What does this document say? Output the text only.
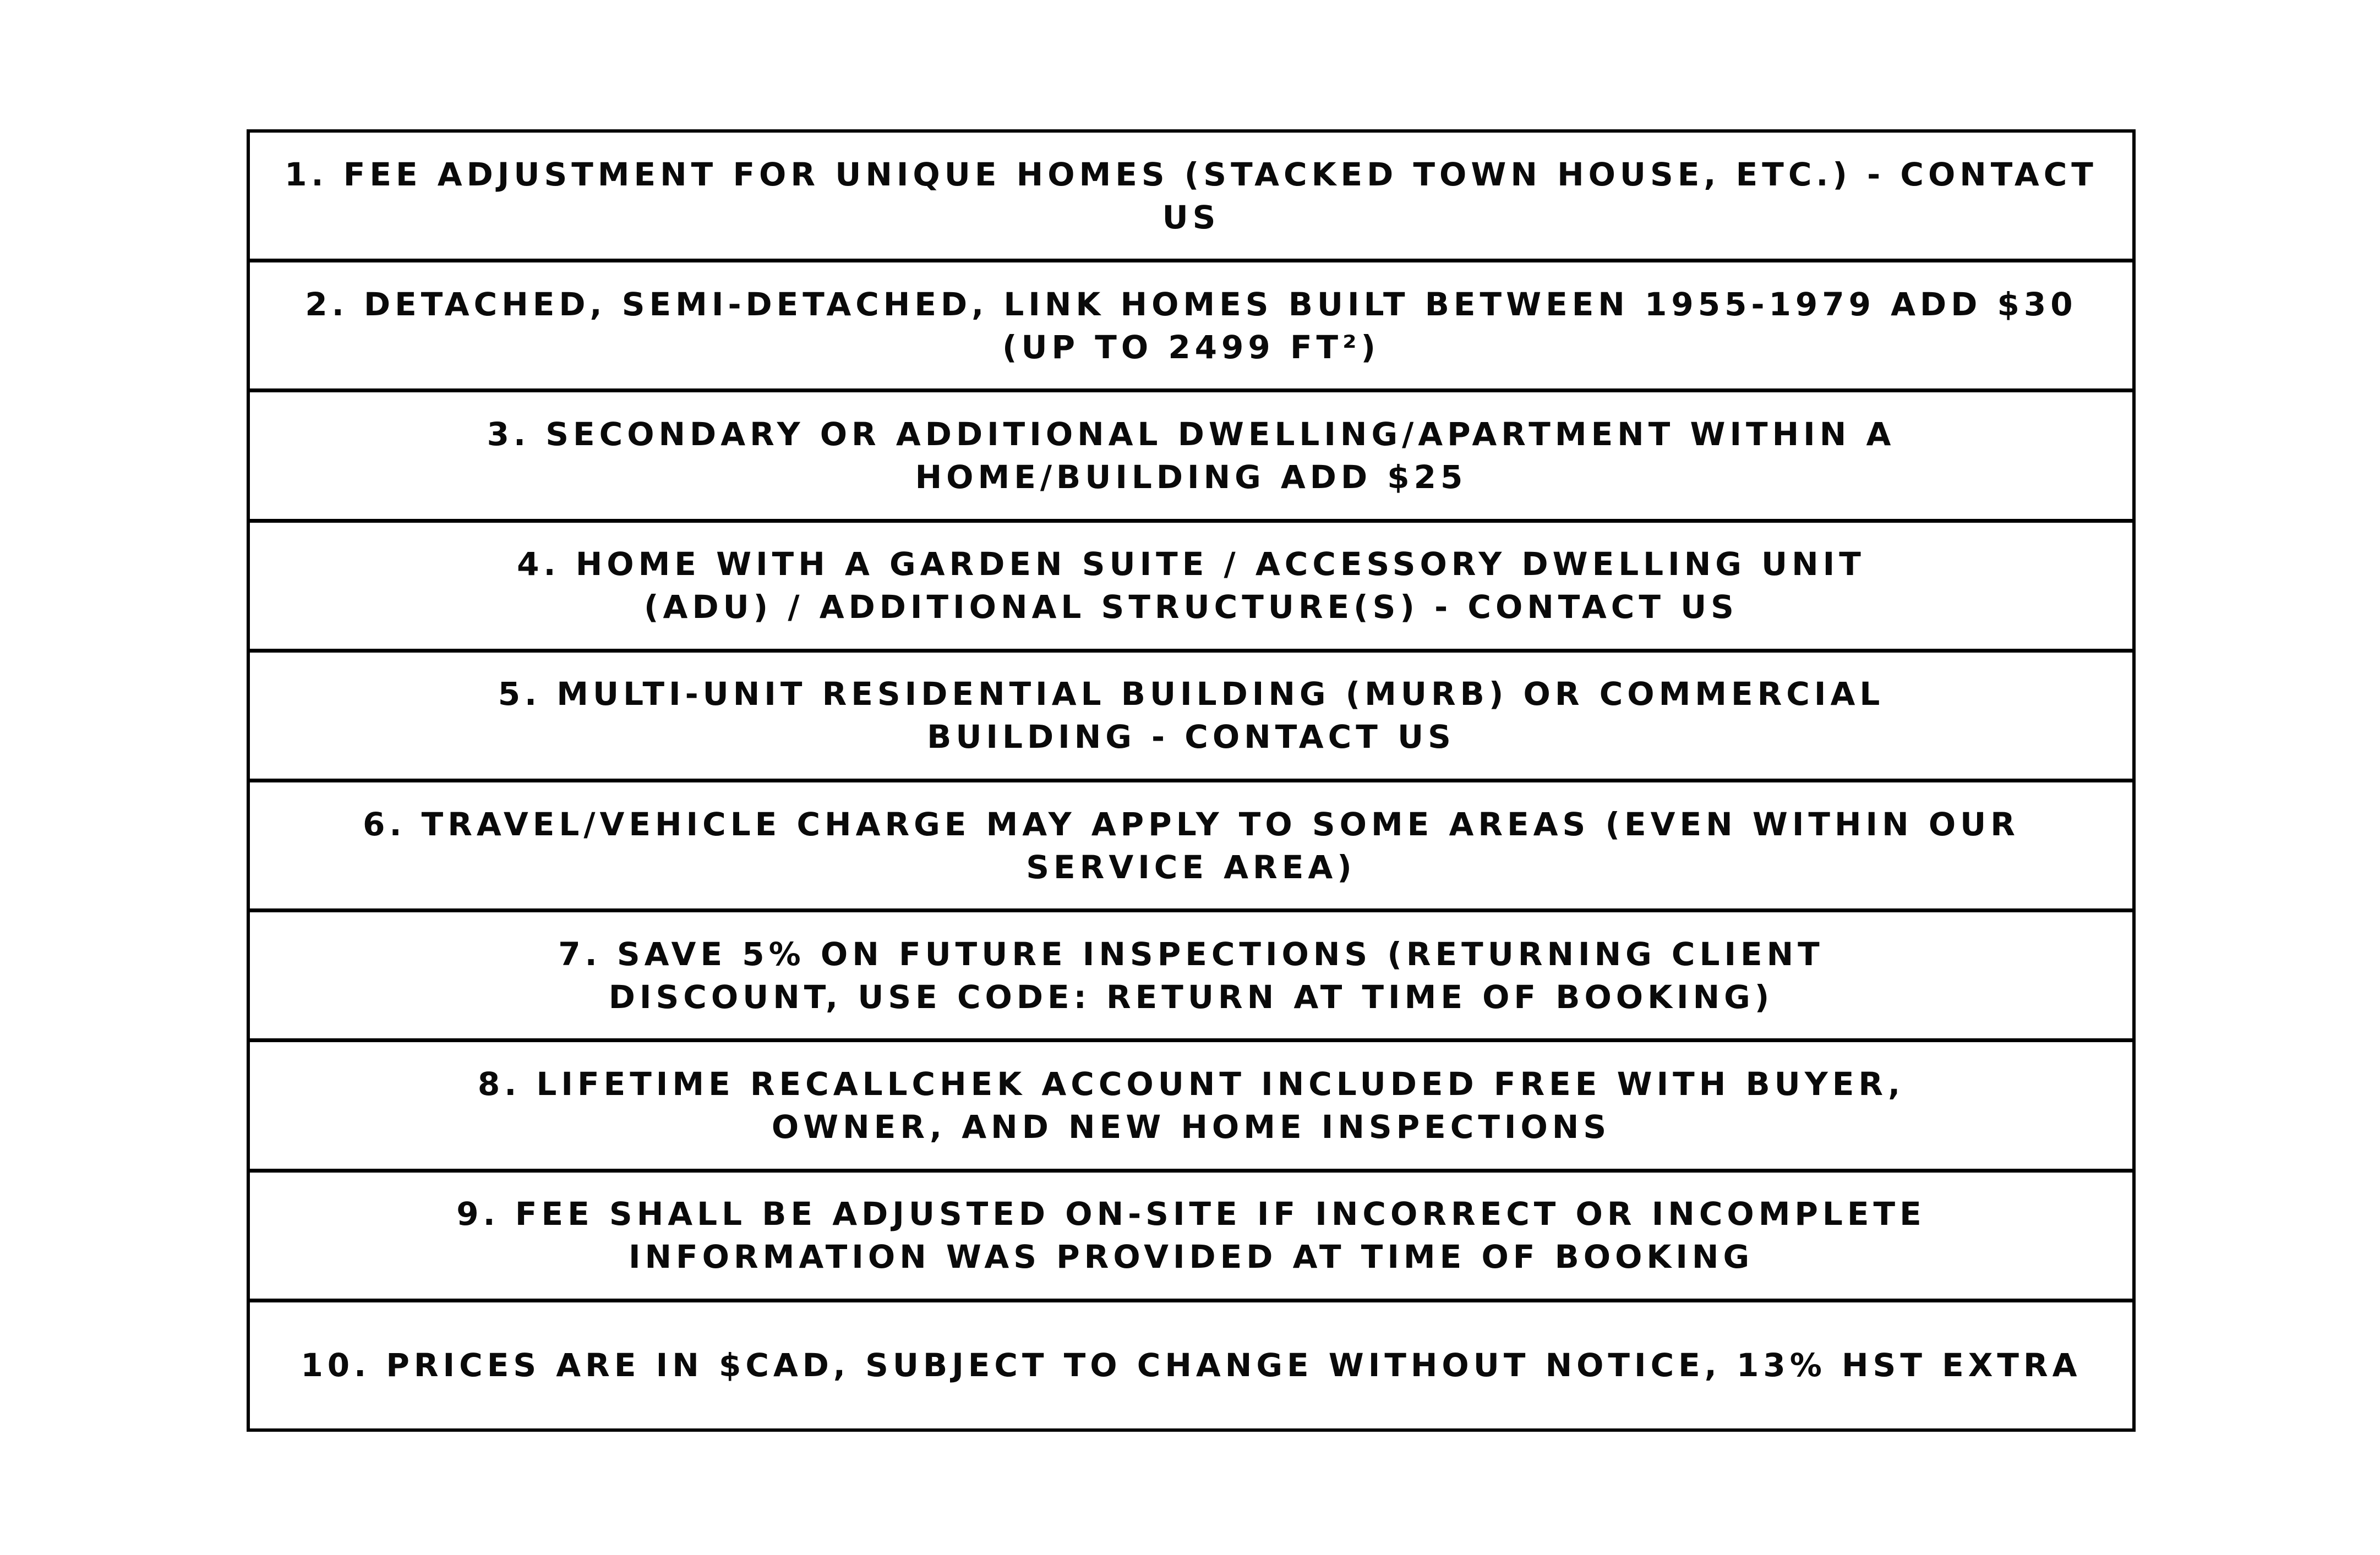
1. FEE ADJUSTMENT FOR UNIQUE HOMES (STACKED TOWN HOUSE, ETC.) - CONTACT US
2. DETACHED, SEMI-DETACHED, LINK HOMES BUILT BETWEEN 1955-1979 ADD $30 (UP TO 2499 FT²)
3. SECONDARY OR ADDITIONAL DWELLING/APARTMENT WITHIN A HOME/BUILDING ADD $25
4. HOME WITH A GARDEN SUITE / ACCESSORY DWELLING UNIT (ADU) / ADDITIONAL STRUCTURE(S) - CONTACT US
5. MULTI-UNIT RESIDENTIAL BUILDING (MURB) OR COMMERCIAL BUILDING - CONTACT US
6. TRAVEL/VEHICLE CHARGE MAY APPLY TO SOME AREAS (EVEN WITHIN OUR SERVICE AREA)
7. SAVE 5% ON FUTURE INSPECTIONS (RETURNING CLIENT DISCOUNT, USE CODE: RETURN AT TIME OF BOOKING)
8. LIFETIME RECALLCHEK ACCOUNT INCLUDED FREE WITH BUYER, OWNER, AND NEW HOME INSPECTIONS
9. FEE SHALL BE ADJUSTED ON-SITE IF INCORRECT OR INCOMPLETE INFORMATION WAS PROVIDED AT TIME OF BOOKING
10. PRICES ARE IN $CAD, SUBJECT TO CHANGE WITHOUT NOTICE, 13% HST EXTRA
